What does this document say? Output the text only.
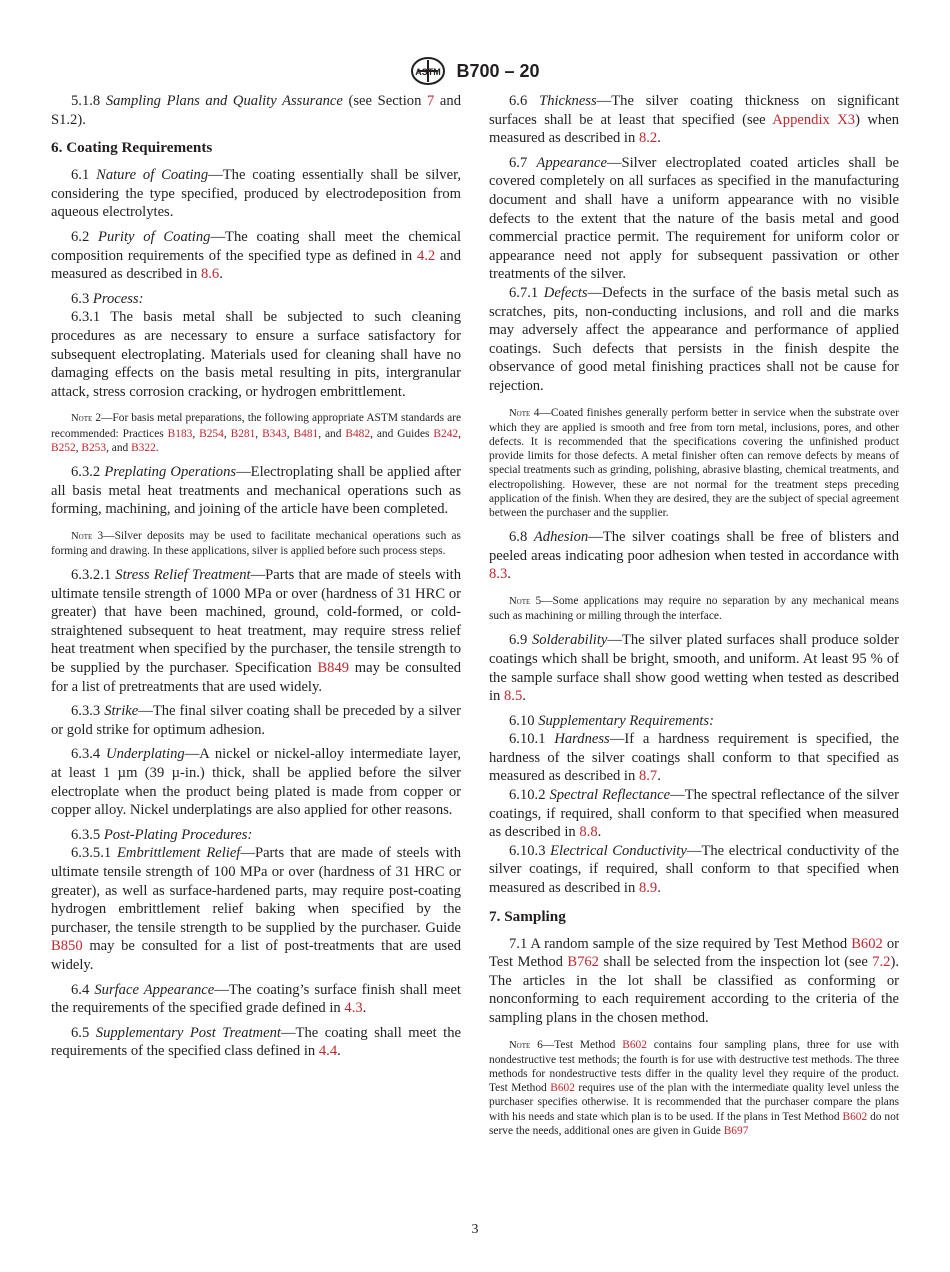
ASTM B700 – 20

5.1.8 Sampling Plans and Quality Assurance (see Section 7 and S1.2).

6. Coating Requirements

6.1 Nature of Coating—The coating essentially shall be silver, considering the type specified, produced by electrodeposition from aqueous electrolytes.

6.2 Purity of Coating—The coating shall meet the chemical composition requirements of the specified type as defined in 4.2 and measured as described in 8.6.

6.3 Process:

6.3.1 The basis metal shall be subjected to such cleaning procedures as are necessary to ensure a surface satisfactory for subsequent electroplating. Materials used for cleaning shall have no damaging effects on the basis metal resulting in pits, intergranular attack, stress corrosion cracking, or hydrogen embrittlement.

Note 2—For basis metal preparations, the following appropriate ASTM standards are recommended: Practices B183, B254, B281, B343, B481, and B482, and Guides B242, B252, B253, and B322.

6.3.2 Preplating Operations—Electroplating shall be applied after all basis metal heat treatments and mechanical operations such as forming, machining, and joining of the article have been completed.

Note 3—Silver deposits may be used to facilitate mechanical operations such as forming and drawing. In these applications, silver is applied before such process steps.

6.3.2.1 Stress Relief Treatment—Parts that are made of steels with ultimate tensile strength of 1000 MPa or over (hardness of 31 HRC or greater) that have been machined, ground, cold-formed, or cold-straightened subsequent to heat treatment, may require stress relief heat treatment when specified by the purchaser, the tensile strength to be supplied by the purchaser. Specification B849 may be consulted for a list of pretreatments that are used widely.

6.3.3 Strike—The final silver coating shall be preceded by a silver or gold strike for optimum adhesion.

6.3.4 Underplating—A nickel or nickel-alloy intermediate layer, at least 1 µm (39 µ-in.) thick, shall be applied before the silver electroplate when the product being plated is made from copper or copper alloy. Nickel underplatings are also applied for other reasons.

6.3.5 Post-Plating Procedures:

6.3.5.1 Embrittlement Relief—Parts that are made of steels with ultimate tensile strength of 100 MPa or over (hardness of 31 HRC or greater), as well as surface-hardened parts, may require post-coating hydrogen embrittlement relief baking when specified by the purchaser, the tensile strength to be supplied by the purchaser. Guide B850 may be consulted for a list of post-treatments that are used widely.

6.4 Surface Appearance—The coating’s surface finish shall meet the requirements of the specified grade defined in 4.3.

6.5 Supplementary Post Treatment—The coating shall meet the requirements of the specified class defined in 4.4.

6.6 Thickness—The silver coating thickness on significant surfaces shall be at least that specified (see Appendix X3) when measured as described in 8.2.

6.7 Appearance—Silver electroplated coated articles shall be covered completely on all surfaces as specified in the manufacturing document and shall have a uniform appearance with no visible defects to the extent that the nature of the basis metal and good commercial practice permit. The requirement for uniform color or appearance need not apply for subsequent passivation or other treatments of the silver.

6.7.1 Defects—Defects in the surface of the basis metal such as scratches, pits, non-conducting inclusions, and roll and die marks may adversely affect the appearance and performance of applied coatings. Such defects that persists in the finish despite the observance of good metal finishing practices shall not be cause for rejection.

Note 4—Coated finishes generally perform better in service when the substrate over which they are applied is smooth and free from torn metal, inclusions, pores, and other defects. It is recommended that the specifications covering the unfinished product provide limits for those defects. A metal finisher often can remove defects by means of special treatments such as grinding, polishing, abrasive blasting, chemical treatments, and electropolishing. However, these are not normal for the treatment steps preceding application of the finish. When they are desired, they are the subject of special agreement between the purchaser and the supplier.

6.8 Adhesion—The silver coatings shall be free of blisters and peeled areas indicating poor adhesion when tested in accordance with 8.3.

Note 5—Some applications may require no separation by any mechanical means such as machining or milling through the interface.

6.9 Solderability—The silver plated surfaces shall produce solder coatings which shall be bright, smooth, and uniform. At least 95 % of the sample surface shall show good wetting when tested as described in 8.5.

6.10 Supplementary Requirements:

6.10.1 Hardness—If a hardness requirement is specified, the hardness of the silver coatings shall conform to that specified as measured as described in 8.7.

6.10.2 Spectral Reflectance—The spectral reflectance of the silver coatings, if required, shall conform to that specified when measured as described in 8.8.

6.10.3 Electrical Conductivity—The electrical conductivity of the silver coatings, if required, shall conform to that specified when measured as described in 8.9.

7. Sampling

7.1 A random sample of the size required by Test Method B602 or Test Method B762 shall be selected from the inspection lot (see 7.2). The articles in the lot shall be classified as conforming or nonconforming to each requirement according to the criteria of the sampling plans in the chosen method.

Note 6—Test Method B602 contains four sampling plans, three for use with nondestructive test methods; the fourth is for use with destructive test methods. The three methods for nondestructive tests differ in the quality level they require of the product. Test Method B602 requires use of the plan with the intermediate quality level unless the purchaser specifies otherwise. It is recommended that the purchaser compare the plans with his needs and state which plan is to be used. If the plans in Test Method B602 do not serve the needs, additional ones are given in Guide B697

3
